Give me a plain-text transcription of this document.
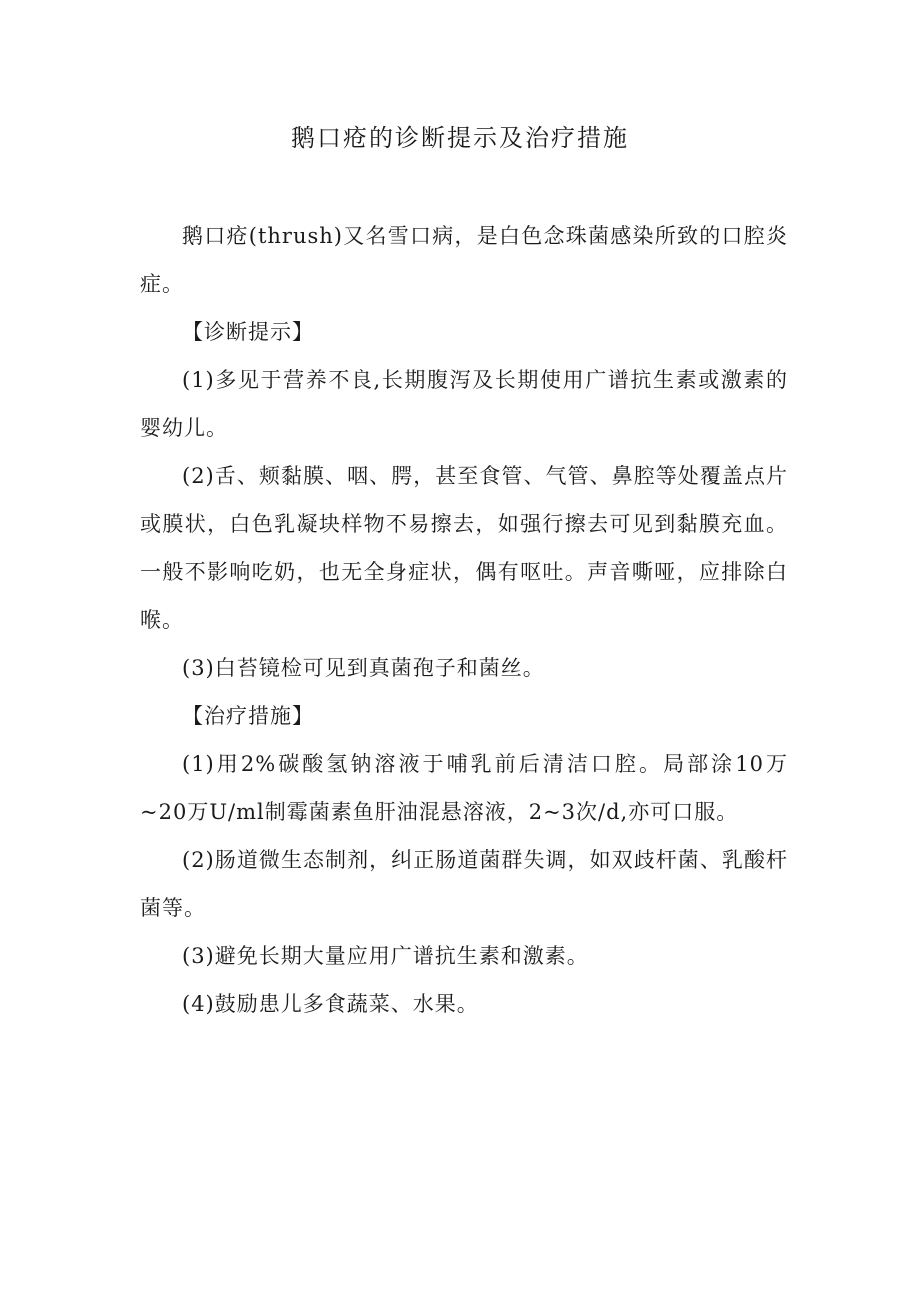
鹅口疮的诊断提示及治疗措施

鹅口疮(thrush)又名雪口病，是白色念珠菌感染所致的口腔炎症。

【诊断提示】

(1)多见于营养不良,长期腹泻及长期使用广谱抗生素或激素的婴幼儿。

(2)舌、颊黏膜、咽、腭，甚至食管、气管、鼻腔等处覆盖点片或膜状，白色乳凝块样物不易擦去，如强行擦去可见到黏膜充血。一般不影响吃奶，也无全身症状，偶有呕吐。声音嘶哑，应排除白喉。

(3)白苔镜检可见到真菌孢子和菌丝。

【治疗措施】

(1)用2%碳酸氢钠溶液于哺乳前后清洁口腔。局部涂10万~20万U/ml制霉菌素鱼肝油混悬溶液，2~3次/d,亦可口服。

(2)肠道微生态制剂，纠正肠道菌群失调，如双歧杆菌、乳酸杆菌等。

(3)避免长期大量应用广谱抗生素和激素。

(4)鼓励患儿多食蔬菜、水果。
